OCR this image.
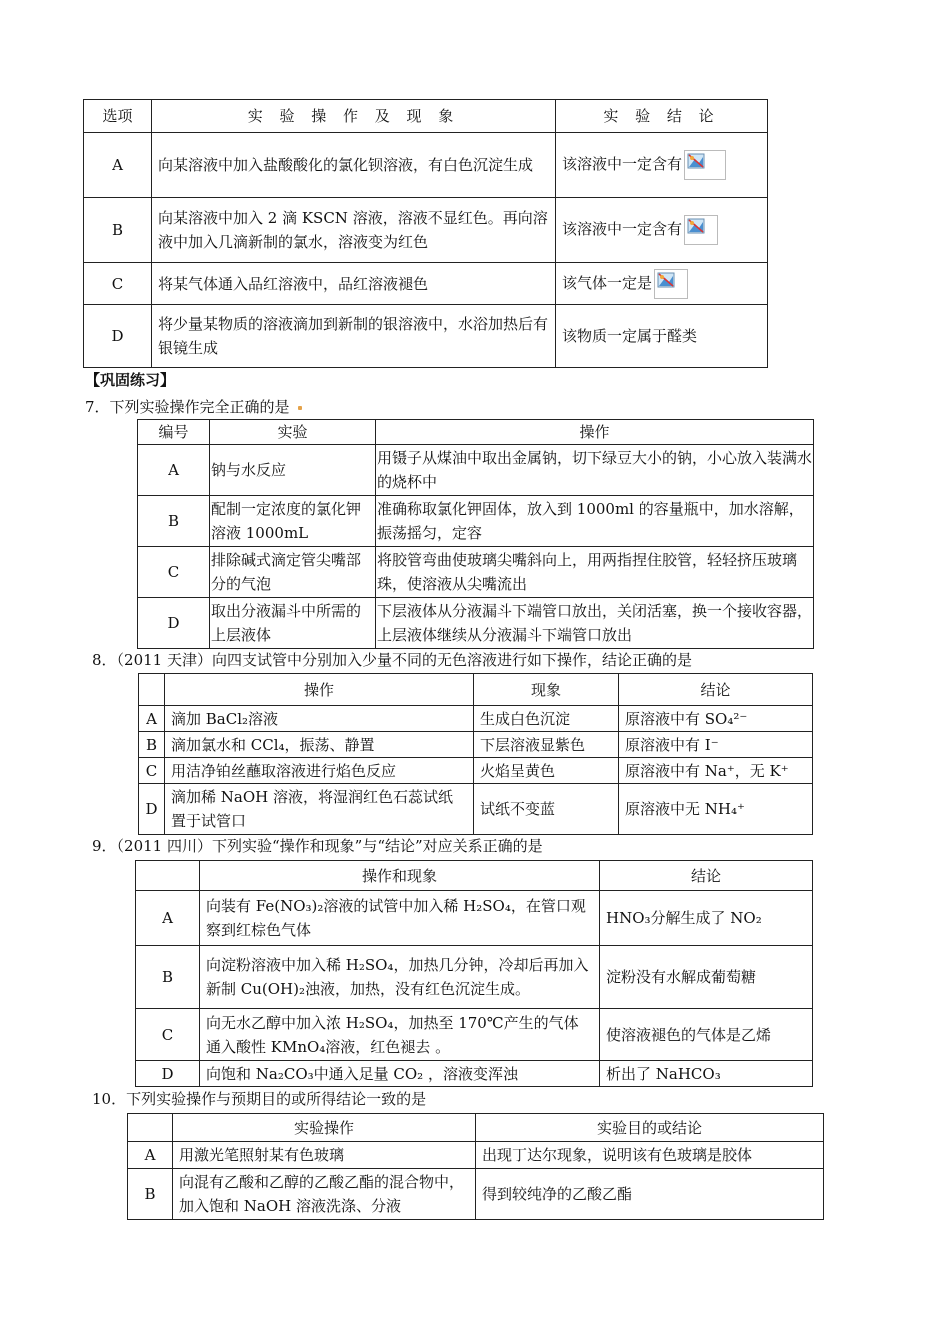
选项	实 验 操 作 及 现 象	实 验 结 论
A	向某溶液中加入盐酸酸化的氯化钡溶液，有白色沉淀生成	该溶液中一定含有

B	向某溶液中加入 2 滴 KSCN 溶液，溶液不显红色。再向溶液中加入几滴新制的氯水，溶液变为红色	该溶液中一定含有

C	将某气体通入品红溶液中，品红溶液褪色	该气体一定是

D	将少量某物质的溶液滴加到新制的银溶液中，水浴加热后有银镜生成	该物质一定属于醛类
【巩固练习】
7．下列实验操作完全正确的是
编号	实验	操作
A	钠与水反应	用镊子从煤油中取出金属钠，切下绿豆大小的钠，小心放入装满水的烧杯中
B	配制一定浓度的氯化钾溶液 1000mL	准确称取氯化钾固体，放入到 1000ml 的容量瓶中，加水溶解，振荡摇匀，定容
C	排除碱式滴定管尖嘴部分的气泡	将胶管弯曲使玻璃尖嘴斜向上，用两指捏住胶管，轻轻挤压玻璃珠，使溶液从尖嘴流出
D	取出分液漏斗中所需的上层液体	下层液体从分液漏斗下端管口放出，关闭活塞，换一个接收容器，上层液体继续从分液漏斗下端管口放出
8．（2011 天津）向四支试管中分别加入少量不同的无色溶液进行如下操作，结论正确的是
	操作	现象	结论
A	滴加 BaCl₂溶液	生成白色沉淀	原溶液中有 SO₄²⁻
B	滴加氯水和 CCl₄，振荡、静置	下层溶液显紫色	原溶液中有 I⁻
C	用洁净铂丝蘸取溶液进行焰色反应	火焰呈黄色	原溶液中有 Na⁺，无 K⁺
D	滴加稀 NaOH 溶液，将湿润红色石蕊试纸置于试管口	试纸不变蓝	原溶液中无 NH₄⁺
9．（2011 四川）下列实验“操作和现象”与“结论”对应关系正确的是
	操作和现象	结论
A	向装有 Fe(NO₃)₂溶液的试管中加入稀 H₂SO₄，在管口观察到红棕色气体	HNO₃分解生成了 NO₂
B	向淀粉溶液中加入稀 H₂SO₄，加热几分钟，冷却后再加入新制 Cu(OH)₂浊液，加热，没有红色沉淀生成。	淀粉没有水解成葡萄糖
C	向无水乙醇中加入浓 H₂SO₄，加热至 170℃产生的气体通入酸性 KMnO₄溶液，红色褪去 。	使溶液褪色的气体是乙烯
D	向饱和 Na₂CO₃中通入足量 CO₂ ，溶液变浑浊	析出了 NaHCO₃
10．下列实验操作与预期目的或所得结论一致的是
	实验操作	实验目的或结论
A	用激光笔照射某有色玻璃	出现丁达尔现象，说明该有色玻璃是胶体
B	向混有乙酸和乙醇的乙酸乙酯的混合物中，加入饱和 NaOH 溶液洗涤、分液	得到较纯净的乙酸乙酯
